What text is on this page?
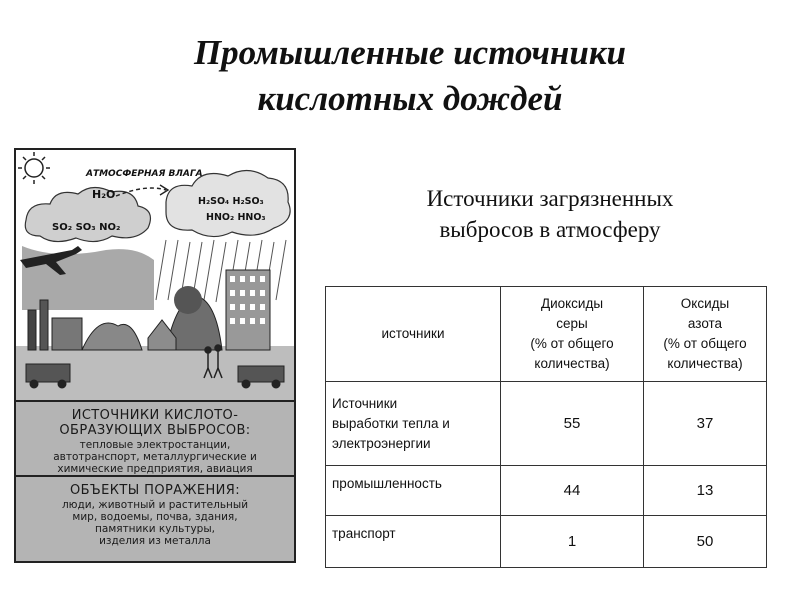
Промышленные источники
кислотных дождей
Источники загрязненных
выбросов в атмосферу
АТМОСФЕРНАЯ ВЛАГА
H₂O
SO₂ SO₃ NO₂
H₂SO₄ H₂SO₃
HNO₂ HNO₃
ИСТОЧНИКИ КИСЛОТО-
ОБРАЗУЮЩИХ ВЫБРОСОВ:
тепловые электростанции,
автотранспорт, металлургические и
химические предприятия, авиация
ОБЪЕКТЫ ПОРАЖЕНИЯ:
люди, животный и растительный
мир, водоемы, почва, здания,
памятники культуры,
изделия из металла
источники	Диоксиды
серы
(% от общего
количества)	Оксиды
азота
(% от общего
количества)

Источники
выработки тепла и
электроэнергии	55	37
промышленность	44	13
транспорт	1	50
